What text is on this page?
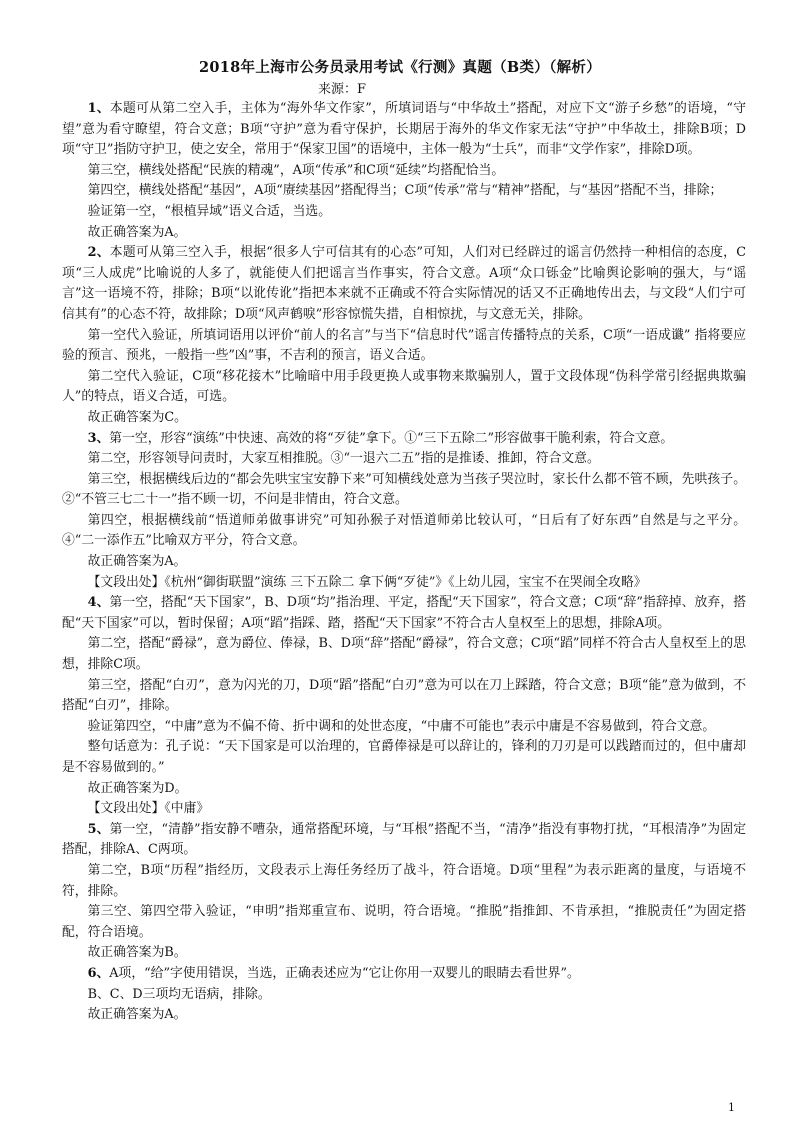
2018年上海市公务员录用考试《行测》真题（B类）（解析）
来源：F

1、本题可从第二空入手，主体为“海外华文作家”，所填词语与“中华故土”搭配，对应下文“游子乡愁”的语境，“守望”意为看守瞭望，符合文意；B项“守护”意为看守保护，长期居于海外的华文作家无法“守护”中华故土，排除B项；D项“守卫”指防守护卫，使之安全，常用于“保家卫国”的语境中，主体一般为“士兵”，而非“文学作家”，排除D项。

第三空，横线处搭配“民族的精魂”，A项“传承”和C项“延续”均搭配恰当。

第四空，横线处搭配“基因”，A项“赓续基因”搭配得当；C项“传承”常与“精神”搭配，与“基因”搭配不当，排除；

验证第一空，“根植异域”语义合适，当选。

故正确答案为A。

2、本题可从第三空入手，根据“很多人宁可信其有的心态”可知，人们对已经辟过的谣言仍然持一种相信的态度，C项“三人成虎”比喻说的人多了，就能使人们把谣言当作事实，符合文意。A项“众口铄金”比喻舆论影响的强大，与“谣言”这一语境不符，排除；B项“以讹传讹”指把本来就不正确或不符合实际情况的话又不正确地传出去，与文段“人们宁可信其有”的心态不符，故排除；D项“风声鹤唳”形容惊慌失措，自相惊扰，与文意无关，排除。

第一空代入验证，所填词语用以评价“前人的名言”与当下“信息时代”谣言传播特点的关系，C项“一语成谶” 指将要应验的预言、预兆，一般指一些”凶”事，不吉利的预言，语义合适。

第二空代入验证，C项“移花接木”比喻暗中用手段更换人或事物来欺骗别人，置于文段体现“伪科学常引经据典欺骗人”的特点，语义合适，可选。

故正确答案为C。

3、第一空，形容“演练”中快速、高效的将“歹徒”拿下。①“三下五除二”形容做事干脆利索，符合文意。

第二空，形容领导问责时，大家互相推脱。③“一退六二五”指的是推诿、推卸，符合文意。

第三空，根据横线后边的“都会先哄宝宝安静下来”可知横线处意为当孩子哭泣时，家长什么都不管不顾，先哄孩子。②“不管三七二十一”指不顾一切，不问是非情由，符合文意。

第四空，根据横线前“悟道师弟做事讲究”可知孙猴子对悟道师弟比较认可，“日后有了好东西”自然是与之平分。④“二一添作五”比喻双方平分，符合文意。

故正确答案为A。

【文段出处】《杭州“御街联盟”演练 三下五除二 拿下俩“歹徒”》《上幼儿园，宝宝不在哭闹全攻略》

4、第一空，搭配“天下国家”，B、D项“均”指治理、平定，搭配“天下国家”，符合文意；C项“辞”指辞掉、放弃，搭配“天下国家”可以，暂时保留；A项“蹈”指踩、踏，搭配“天下国家”不符合古人皇权至上的思想，排除A项。

第二空，搭配“爵禄”，意为爵位、俸禄，B、D项“辞”搭配“爵禄”，符合文意；C项“蹈”同样不符合古人皇权至上的思想，排除C项。

第三空，搭配“白刃”，意为闪光的刀，D项“蹈”搭配“白刃”意为可以在刀上踩踏，符合文意；B项“能”意为做到，不搭配“白刃”，排除。

验证第四空，“中庸”意为不偏不倚、折中调和的处世态度，“中庸不可能也”表示中庸是不容易做到，符合文意。

整句话意为：孔子说：“天下国家是可以治理的，官爵俸禄是可以辞让的，锋利的刀刃是可以践踏而过的，但中庸却是不容易做到的。”

故正确答案为D。

【文段出处】《中庸》

5、第一空，“清静”指安静不嘈杂，通常搭配环境，与“耳根”搭配不当，“清净”指没有事物打扰，“耳根清净”为固定搭配，排除A、C两项。

第二空，B项“历程”指经历，文段表示上海任务经历了战斗，符合语境。D项“里程”为表示距离的量度，与语境不符，排除。

第三空、第四空带入验证，“申明”指郑重宣布、说明，符合语境。“推脱”指推卸、不肯承担，“推脱责任”为固定搭配，符合语境。

故正确答案为B。

6、A项，“给”字使用错误，当选，正确表述应为“它让你用一双婴儿的眼睛去看世界”。

B、C、D三项均无语病，排除。

故正确答案为A。

1
